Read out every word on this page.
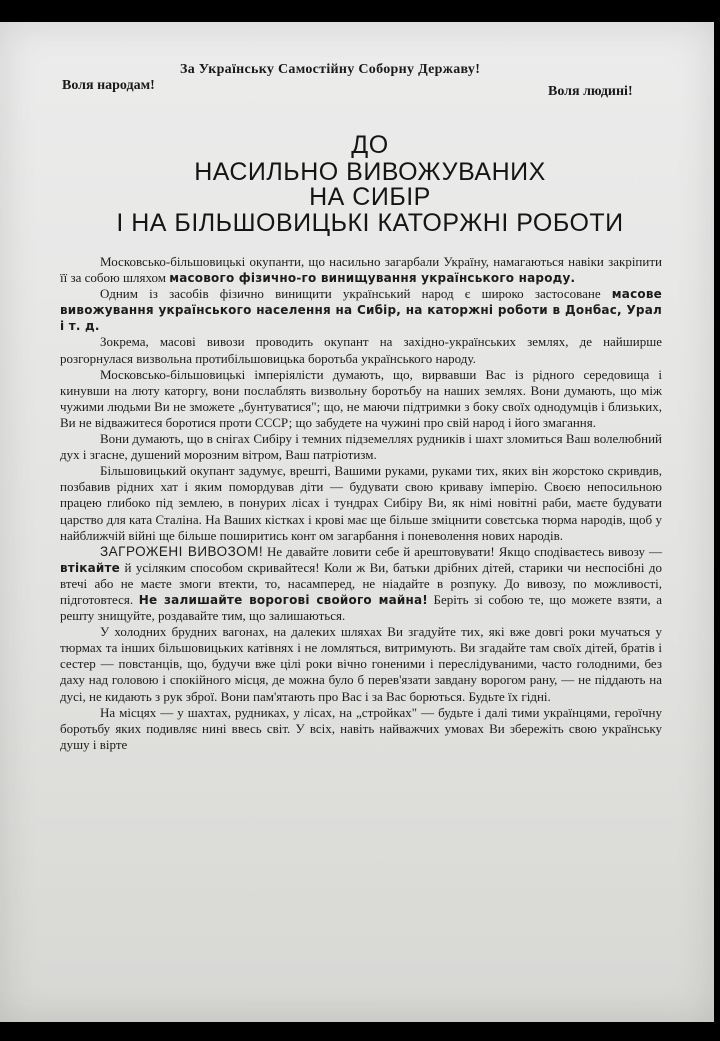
За Українську Самостійну Соборну Державу!
Воля народам!	Воля людині!
ДО
НАСИЛЬНО ВИВОЖУВАНИХ
НА СИБІР
І НА БІЛЬШОВИЦЬКІ КАТОРЖНІ РОБОТИ

Московсько-більшовицькі окупанти, що насильно загарбали Україну, намагаються навіки закріпити її за собою шляхом масового фізично-го винищування українського народу.

Одним із засобів фізично винищити український народ є широко застосоване масове вивожування українського населення на Сибір, на каторжні роботи в Донбас, Урал і т. д.

Зокрема, масові вивози проводить окупант на західно-українських землях, де найширше розгорнулася визвольна протибільшовицька боротьба українського народу.

Московсько-більшовицькі імперіялісти думають, що, вирвавши Вас із рідного середовища і кинувши на люту каторгу, вони послаблять визвольну боротьбу на наших землях. Вони думають, що між чужими людьми Ви не зможете „бунтуватися"; що, не маючи підтримки з боку своїх однодумців і близьких, Ви не відважитеся боротися проти СССР; що забудете на чужині про свій народ і його змагання.

Вони думають, що в снігах Сибіру і темних підземеллях рудників і шахт зломиться Ваш волелюбний дух і згасне, душений морозним вітром, Ваш патріотизм.

Більшовицький окупант задумує, врешті, Вашими руками, руками тих, яких він жорстоко скривдив, позбавив рідних хат і яким помордував діти — будувати свою криваву імперію. Своєю непосильною працею глибоко під землею, в понурих лісах і тундрах Сибіру Ви, як німі новітні раби, маєте будувати царство для ката Сталіна. На Ваших кістках і крові має ще більше зміцнити совєтська тюрма народів, щоб у найближчій війні ще більше поширитись конт ом загарбання і поневолення нових народів.

ЗАГРОЖЕНІ ВИВОЗОМ! Не давайте ловити себе й арештовувати! Якщо сподіваєтесь вивозу — втікайте й усіляким способом скривайтеся! Коли ж Ви, батьки дрібних дітей, старики чи неспосібні до втечі або не маєте змоги втекти, то, насамперед, не ніадайте в розпуку. До вивозу, по можливості, підготовтеся. Не залишайте ворогові свойого майна! Беріть зі собою те, що можете взяти, а решту знищуйте, роздавайте тим, що залишаються.

У холодних брудних вагонах, на далеких шляхах Ви згадуйте тих, які вже довгі роки мучаться у тюрмах та інших більшовицьких катівнях і не ломляться, витримують. Ви згадайте там своїх дітей, братів і сестер — повстанців, що, будучи вже цілі роки вічно гоненими і переслідуваними, часто голодними, без даху над головою і спокійного місця, де можна було б перев'язати завдану ворогом рану, — не піддають на дусі, не кидають з рук зброї. Вони пам'ятають про Вас і за Вас борються. Будьте їх гідні.

На місцях — у шахтах, рудниках, у лісах, на „стройках" — будьте і далі тими українцями, героїчну боротьбу яких подивляє нині ввесь світ. У всіх, навіть найважчих умовах Ви збережіть свою українську душу і вірте
